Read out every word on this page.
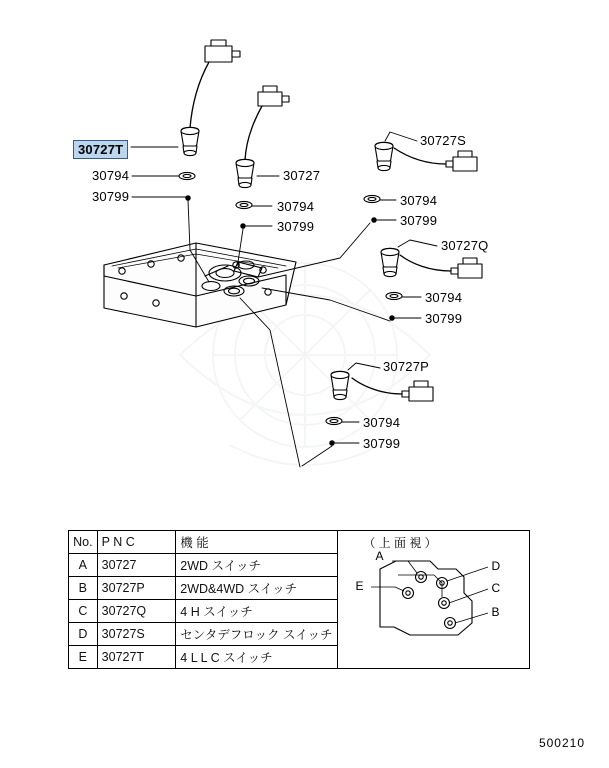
30727T
30794
30799
30727
30794
30799
30727S
30794
30799
30727Q
30794
30799
30727P
30794
30799
No.	P N C	機 能	（ 上 面 視 ）
A
E
D
C
B

A	30727	2WD スイッチ	
B	30727P	2WD&4WD スイッチ	
C	30727Q	4 H スイッチ	
D	30727S	センタデフロック スイッチ	
E	30727T	4 L L C スイッチ	
500210
